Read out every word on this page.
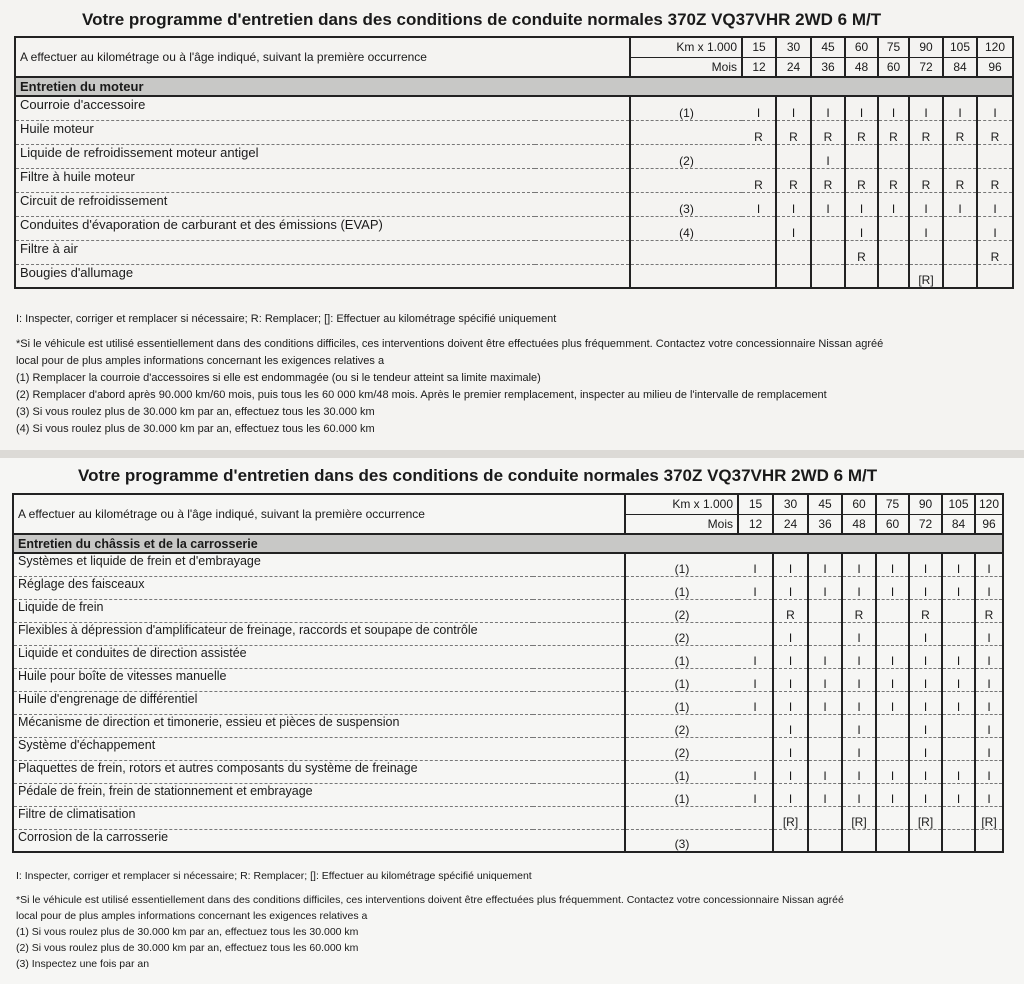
Votre programme d'entretien dans des conditions de conduite normales 370Z VQ37VHR 2WD 6 M/T
A effectuer au kilométrage ou à l'âge indiqué, suivant la première occurrence	Km x 1.000	15	30	45	60	75	90	105	120
	Mois	12	24	36	48	60	72	84	96
Entretien du moteur									
Courroie d'accessoire	(1)	I	I	I	I	I	I	I	I
Huile moteur		R	R	R	R	R	R	R	R
Liquide de refroidissement moteur antigel	(2)			I					
Filtre à huile moteur		R	R	R	R	R	R	R	R
Circuit de refroidissement	(3)	I	I	I	I	I	I	I	I
Conduites d'évaporation de carburant et des émissions (EVAP)	(4)		I		I		I		I
Filtre à air					R				R
Bougies d'allumage							[R]		
I: Inspecter, corriger et remplacer si nécessaire; R: Remplacer; []: Effectuer au kilométrage spécifié uniquement
*Si le véhicule est utilisé essentiellement dans des conditions difficiles, ces interventions doivent être effectuées plus fréquemment. Contactez votre concessionnaire Nissan agréé
local pour de plus amples informations concernant les exigences relatives a
(1) Remplacer la courroie d'accessoires si elle est endommagée (ou si le tendeur atteint sa limite maximale)
(2) Remplacer d'abord après 90.000 km/60 mois, puis tous les 60 000 km/48 mois. Après le premier remplacement, inspecter au milieu de l'intervalle de remplacement
(3) Si vous roulez plus de 30.000 km par an, effectuez tous les 30.000 km
(4) Si vous roulez plus de 30.000 km par an, effectuez tous les 60.000 km
Votre programme d'entretien dans des conditions de conduite normales 370Z VQ37VHR 2WD 6 M/T
A effectuer au kilométrage ou à l'âge indiqué, suivant la première occurrence	Km x 1.000	15	30	45	60	75	90	105	120
	Mois	12	24	36	48	60	72	84	96
Entretien du châssis et de la carrosserie									
Systèmes et liquide de frein et d'embrayage	(1)	I	I	I	I	I	I	I	I
Réglage des faisceaux	(1)	I	I	I	I	I	I	I	I
Liquide de frein	(2)		R		R		R		R
Flexibles à dépression d'amplificateur de freinage, raccords et soupape de contrôle	(2)		I		I		I		I
Liquide et conduites de direction assistée	(1)	I	I	I	I	I	I	I	I
Huile pour boîte de vitesses manuelle	(1)	I	I	I	I	I	I	I	I
Huile d'engrenage de différentiel	(1)	I	I	I	I	I	I	I	I
Mécanisme de direction et timonerie, essieu et pièces de suspension	(2)		I		I		I		I
Système d'échappement	(2)		I		I		I		I
Plaquettes de frein, rotors et autres composants du système de freinage	(1)	I	I	I	I	I	I	I	I
Pédale de frein, frein de stationnement et embrayage	(1)	I	I	I	I	I	I	I	I
Filtre de climatisation			[R]		[R]		[R]		[R]
Corrosion de la carrosserie	(3)								
I: Inspecter, corriger et remplacer si nécessaire; R: Remplacer; []: Effectuer au kilométrage spécifié uniquement
*Si le véhicule est utilisé essentiellement dans des conditions difficiles, ces interventions doivent être effectuées plus fréquemment. Contactez votre concessionnaire Nissan agréé
local pour de plus amples informations concernant les exigences relatives a
(1) Si vous roulez plus de 30.000 km par an, effectuez tous les 30.000 km
(2) Si vous roulez plus de 30.000 km par an, effectuez tous les 60.000 km
(3) Inspectez une fois par an
